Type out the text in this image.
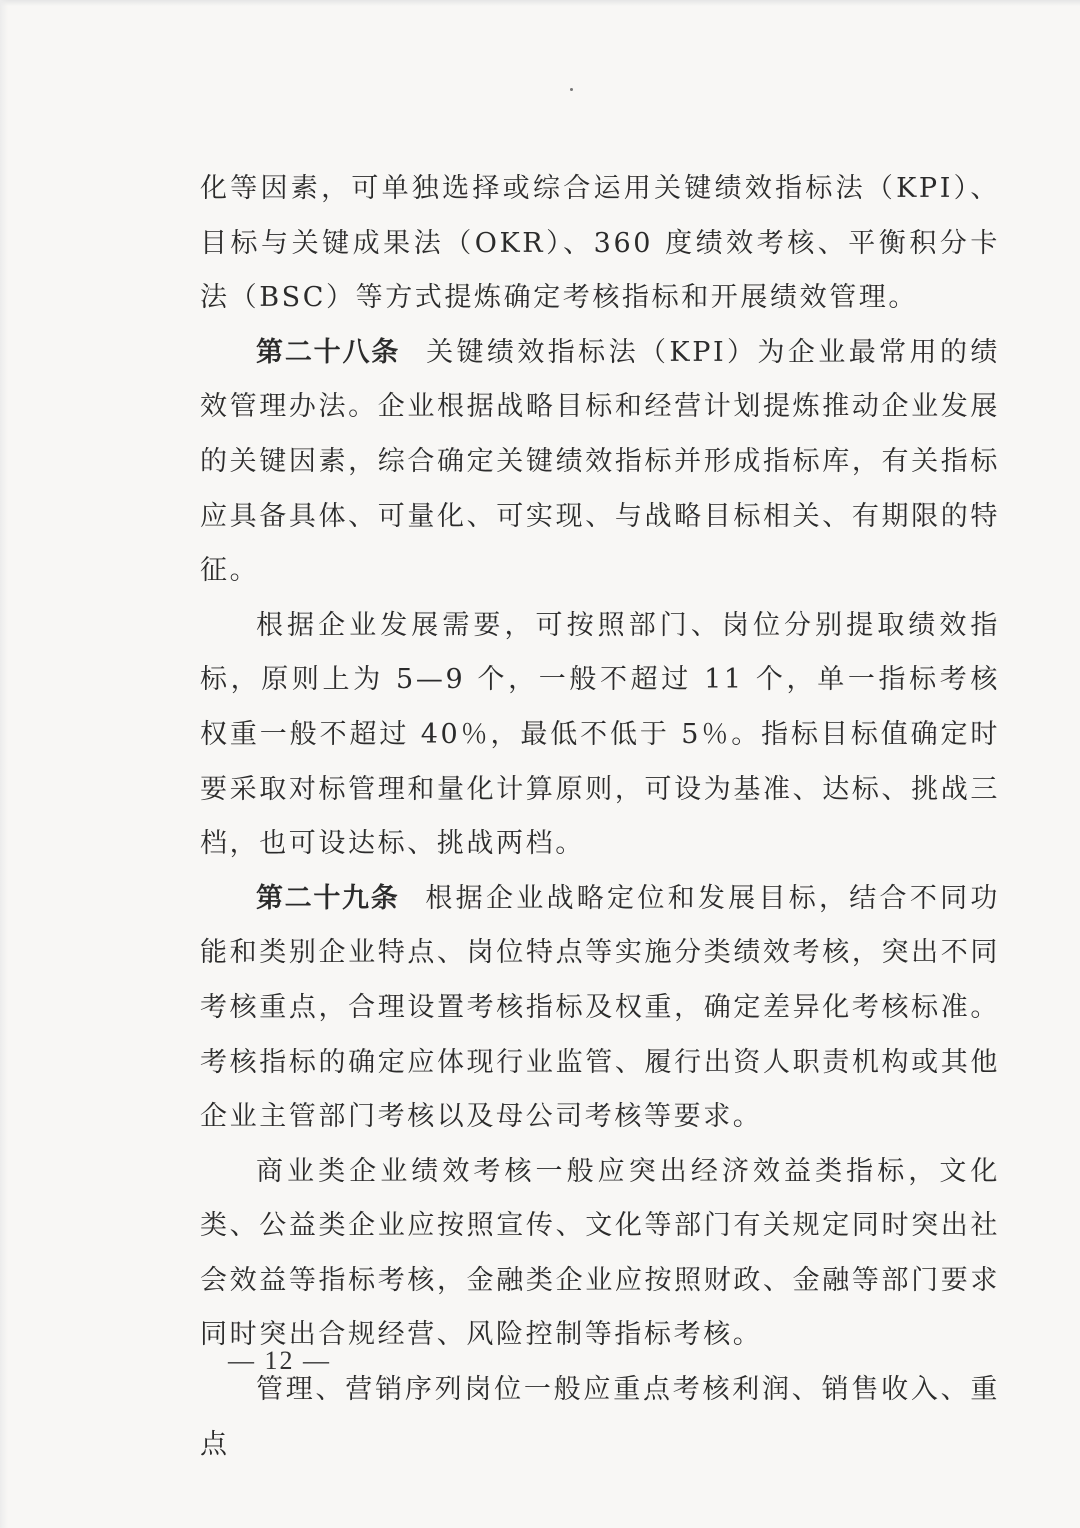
化等因素，可单独选择或综合运用关键绩效指标法（KPI）、目标与关键成果法（OKR）、360 度绩效考核、平衡积分卡法（BSC）等方式提炼确定考核指标和开展绩效管理。

第二十八条 关键绩效指标法（KPI）为企业最常用的绩效管理办法。企业根据战略目标和经营计划提炼推动企业发展的关键因素，综合确定关键绩效指标并形成指标库，有关指标应具备具体、可量化、可实现、与战略目标相关、有期限的特征。

根据企业发展需要，可按照部门、岗位分别提取绩效指标，原则上为 5—9 个，一般不超过 11 个，单一指标考核权重一般不超过 40％，最低不低于 5％。指标目标值确定时要采取对标管理和量化计算原则，可设为基准、达标、挑战三档，也可设达标、挑战两档。

第二十九条 根据企业战略定位和发展目标，结合不同功能和类别企业特点、岗位特点等实施分类绩效考核，突出不同考核重点，合理设置考核指标及权重，确定差异化考核标准。考核指标的确定应体现行业监管、履行出资人职责机构或其他企业主管部门考核以及母公司考核等要求。

商业类企业绩效考核一般应突出经济效益类指标，文化类、公益类企业应按照宣传、文化等部门有关规定同时突出社会效益等指标考核，金融类企业应按照财政、金融等部门要求同时突出合规经营、风险控制等指标考核。

管理、营销序列岗位一般应重点考核利润、销售收入、重点

— 12 —
